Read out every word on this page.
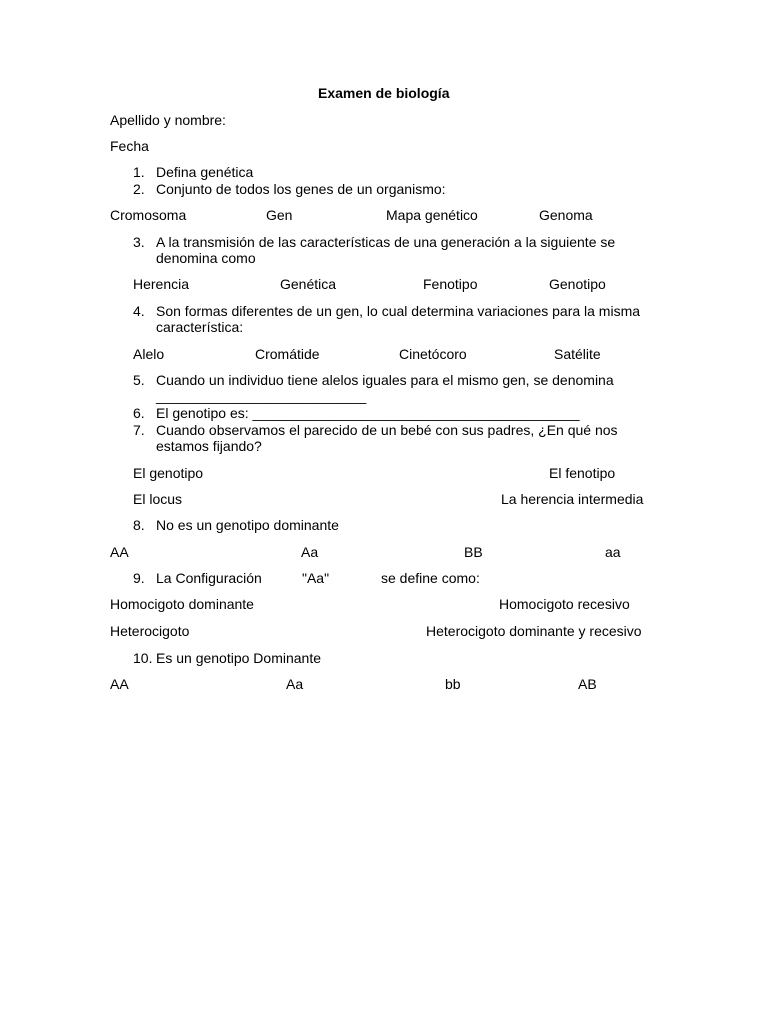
Examen de biología
Apellido y nombre:
Fecha
1. Defina genética
2. Conjunto de todos los genes de un organismo:
Cromosoma	Gen	Mapa genético	Genoma
3. A la transmisión de las características de una generación a la siguiente se denomina como
Herencia	Genética	Fenotipo	Genotipo
4. Son formas diferentes de un gen, lo cual determina variaciones para la misma característica:
Alelo	Cromátide	Cinetócoro	Satélite
5. Cuando un individuo tiene alelos iguales para el mismo gen, se denomina
___________________________
6. El genotipo es: __________________________________________
7. Cuando observamos el parecido de un bebé con sus padres, ¿En qué nos estamos fijando?
El genotipo	El fenotipo
El locus	La herencia intermedia
8. No es un genotipo dominante
AA	Aa	BB	aa
9. La Configuración	"Aa"	se define como:
Homocigoto dominante	Homocigoto recesivo
Heterocigoto	Heterocigoto dominante y recesivo
10. Es un genotipo Dominante
AA	Aa	bb	AB
